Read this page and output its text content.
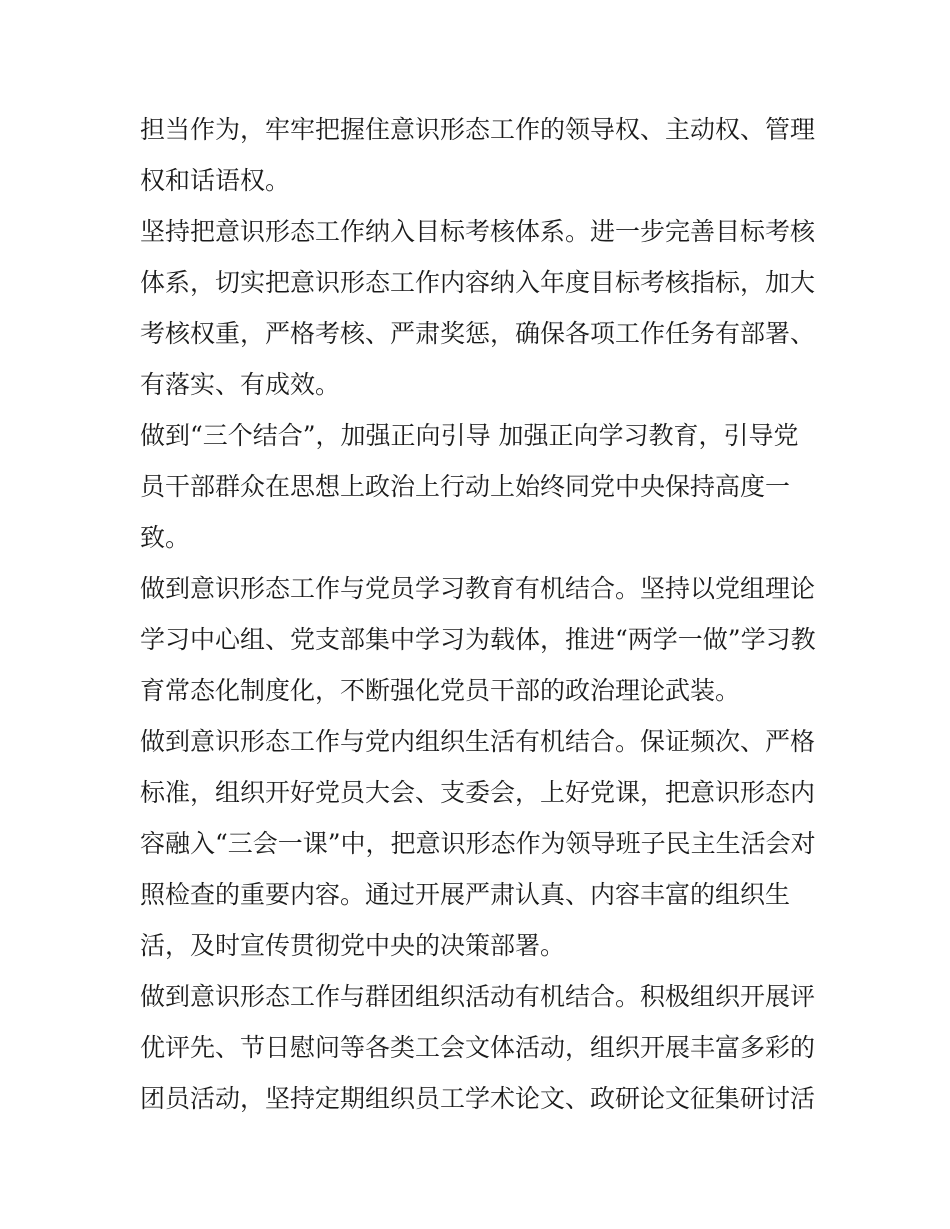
担当作为，牢牢把握住意识形态工作的领导权、主动权、管理
权和话语权。
坚持把意识形态工作纳入目标考核体系。进一步完善目标考核
体系，切实把意识形态工作内容纳入年度目标考核指标，加大
考核权重，严格考核、严肃奖惩，确保各项工作任务有部署、
有落实、有成效。
做到“三个结合”，加强正向引导 加强正向学习教育，引导党
员干部群众在思想上政治上行动上始终同党中央保持高度一
致。
做到意识形态工作与党员学习教育有机结合。坚持以党组理论
学习中心组、党支部集中学习为载体，推进“两学一做”学习教
育常态化制度化，不断强化党员干部的政治理论武装。
做到意识形态工作与党内组织生活有机结合。保证频次、严格
标准，组织开好党员大会、支委会，上好党课，把意识形态内
容融入“三会一课”中，把意识形态作为领导班子民主生活会对
照检查的重要内容。通过开展严肃认真、内容丰富的组织生
活，及时宣传贯彻党中央的决策部署。
做到意识形态工作与群团组织活动有机结合。积极组织开展评
优评先、节日慰问等各类工会文体活动，组织开展丰富多彩的
团员活动，坚持定期组织员工学术论文、政研论文征集研讨活
